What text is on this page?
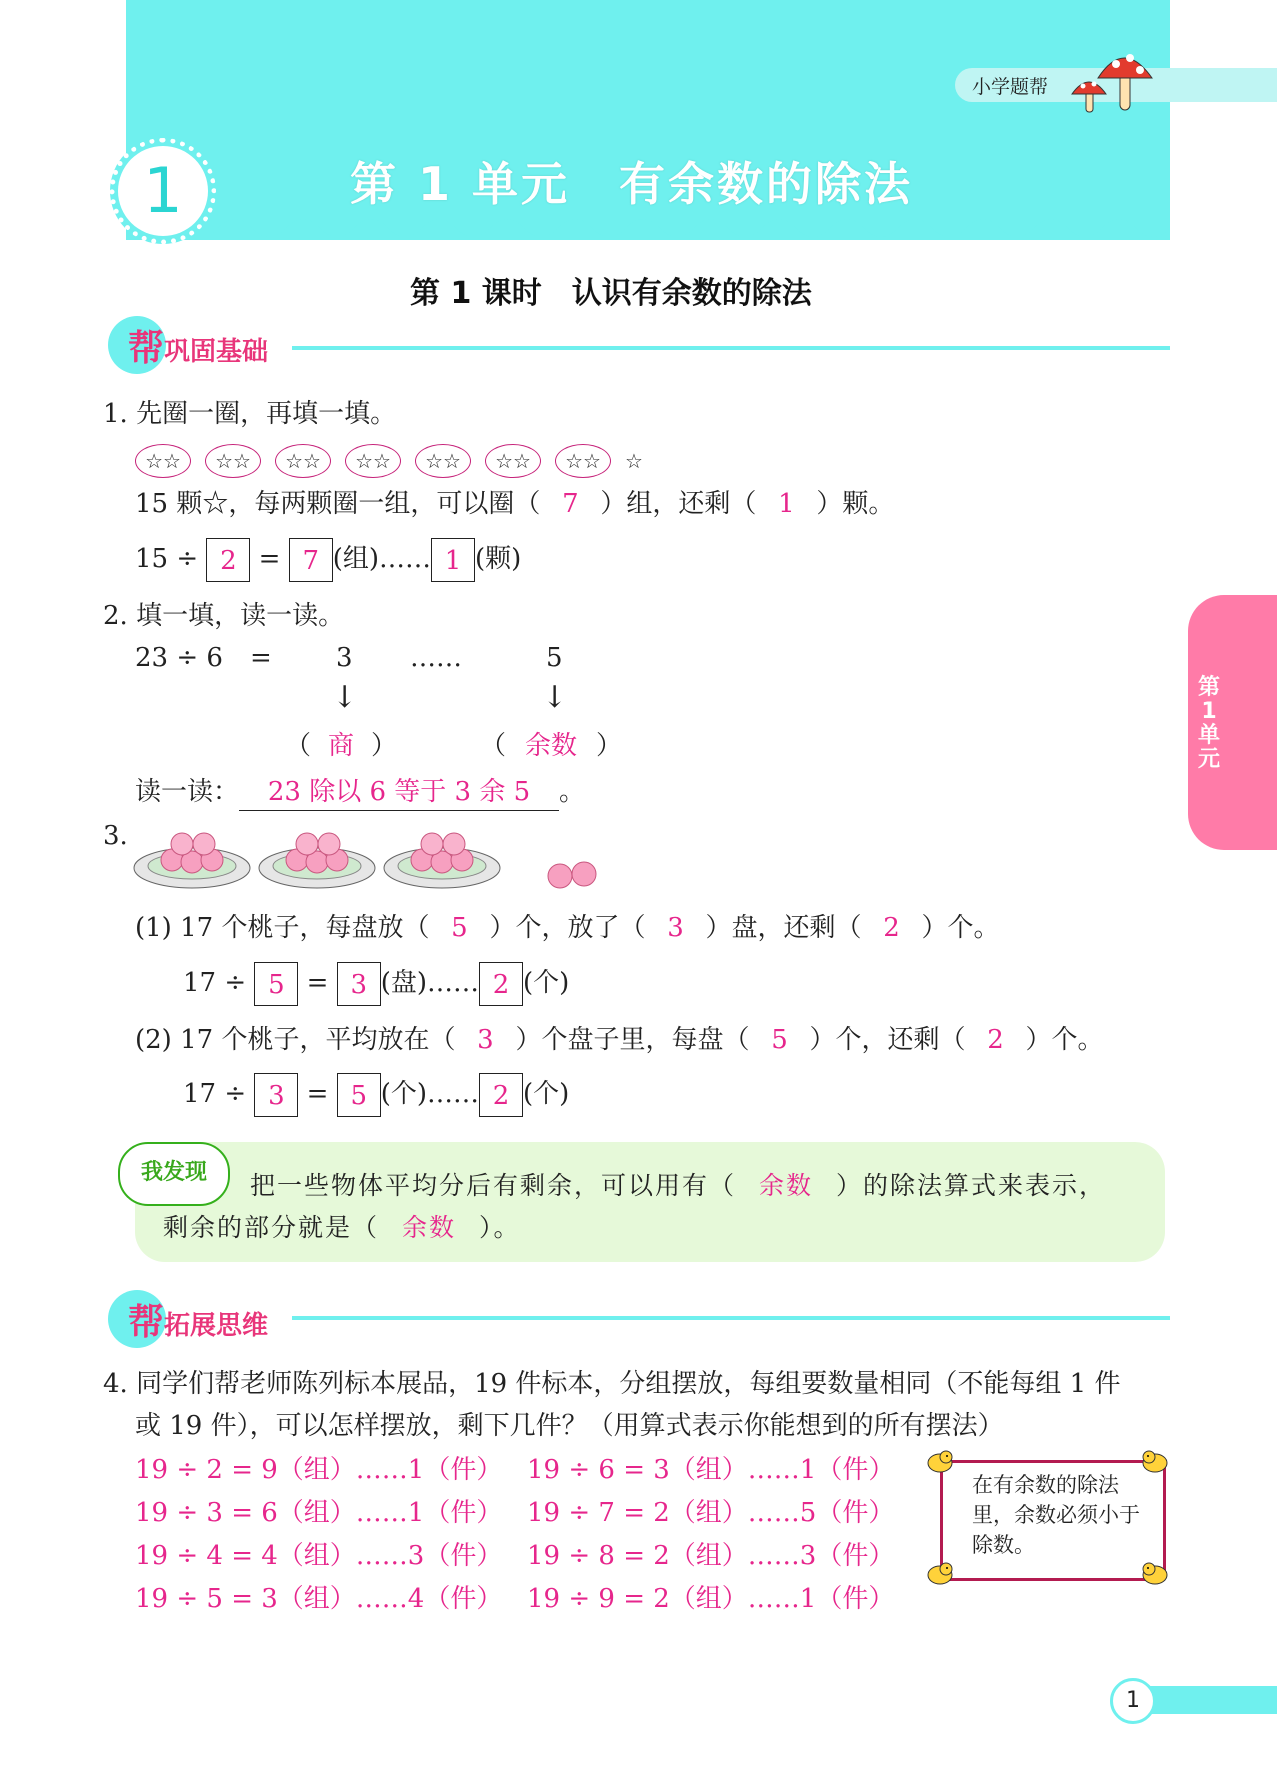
小学题帮
1	第 1 单元　有余数的除法
第 1 课时　认识有余数的除法
第1单元
帮巩固基础
1. 先圈一圈，再填一填。
☆☆ ☆☆ ☆☆ ☆☆ ☆☆ ☆☆ ☆☆ ☆
15 颗☆，每两颗圈一组，可以圈（ 7 ）组，还剩（ 1 ）颗。
15 ÷ 2 = 7 (组)…… 1 (颗)
2. 填一填，读一读。
23 ÷ 6 = 3 ……	5
↓	↓
（ 商 ）	（ 余数 ）
读一读： 23 除以 6 等于 3 余 5 。
3.
(1) 17 个桃子，每盘放（ 5 ）个，放了（ 3 ）盘，还剩（ 2 ）个。
17 ÷ 5 = 3 (盘)…… 2 (个)
(2) 17 个桃子，平均放在（ 3 ）个盘子里，每盘（ 5 ）个，还剩（ 2 ）个。
17 ÷ 3 = 5 (个)…… 2 (个)
我发现	把一些物体平均分后有剩余，可以用有（ 余数 ）的除法算式来表示，
剩余的部分就是（ 余数 ）。
帮拓展思维
4. 同学们帮老师陈列标本展品，19 件标本，分组摆放，每组要数量相同（不能每组 1 件
或 19 件），可以怎样摆放，剩下几件？（用算式表示你能想到的所有摆法）
19 ÷ 2 = 9（组）……1（件）
19 ÷ 3 = 6（组）……1（件）
19 ÷ 4 = 4（组）……3（件）
19 ÷ 5 = 3（组）……4（件）
19 ÷ 6 = 3（组）……1（件）
19 ÷ 7 = 2（组）……5（件）
19 ÷ 8 = 2（组）……3（件）
19 ÷ 9 = 2（组）……1（件）
在有余数的除法里，余数必须小于除数。
1
